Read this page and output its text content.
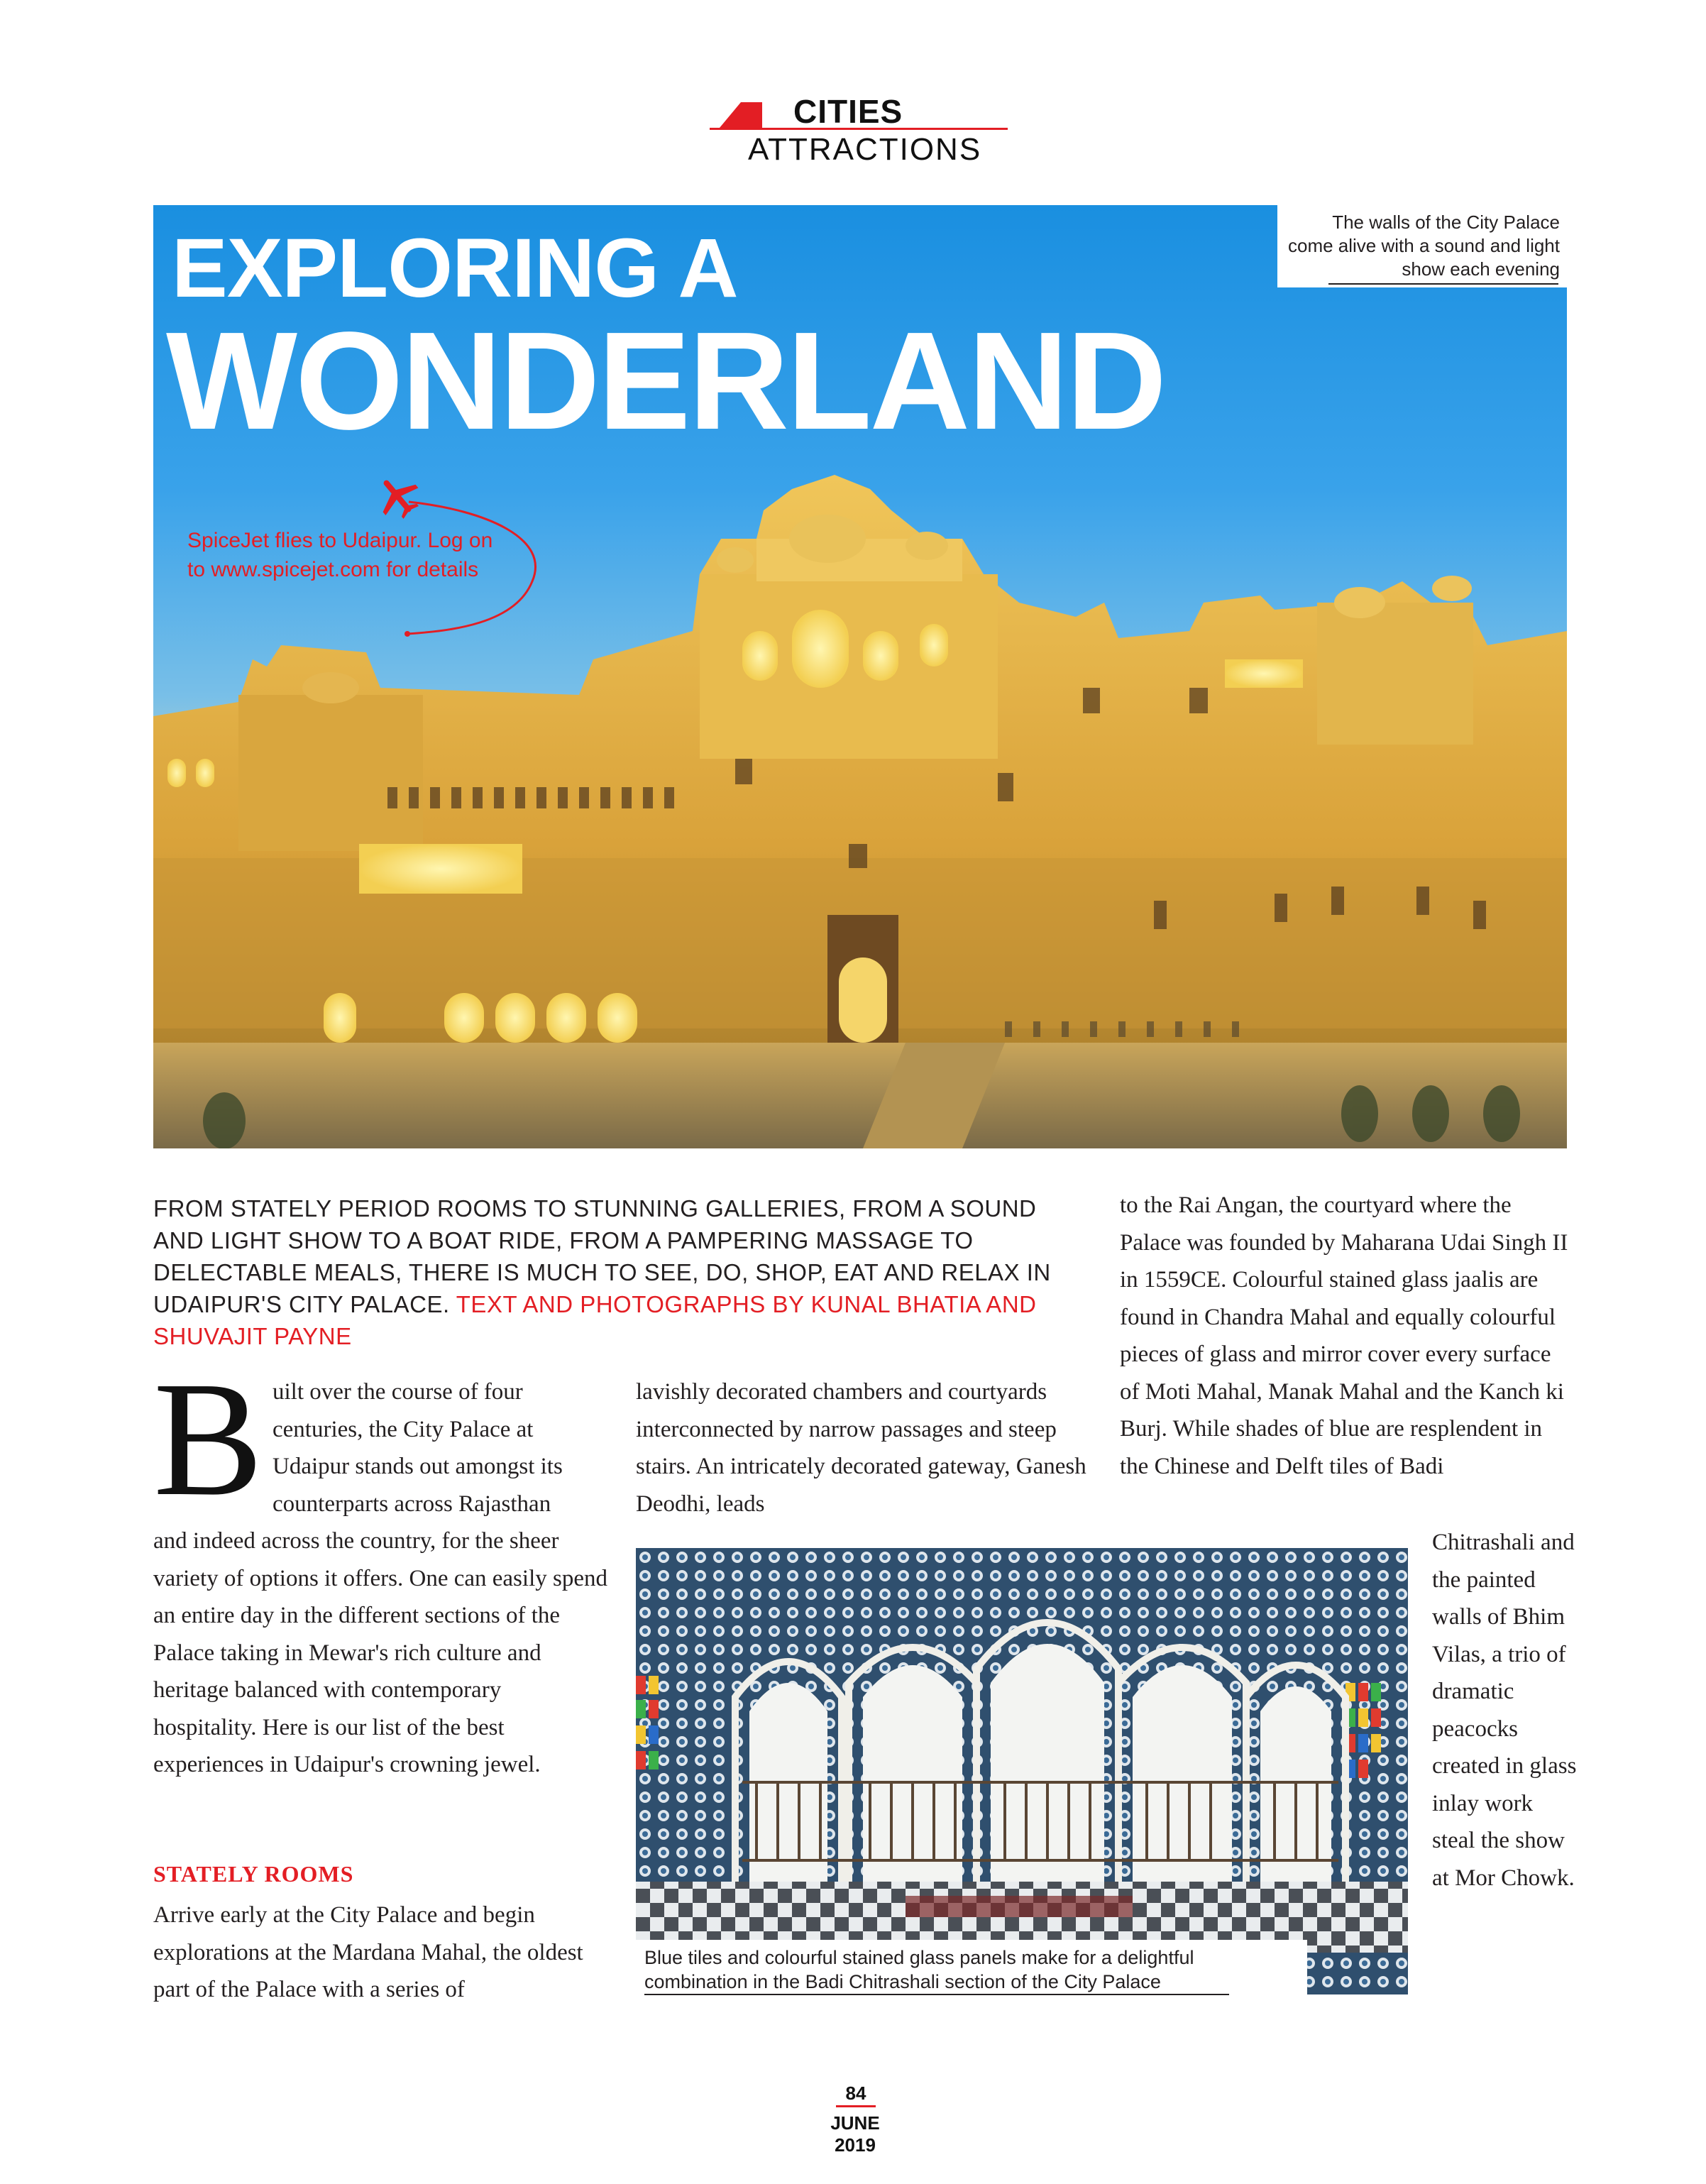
CITIES
ATTRACTIONS
EXPLORING A
WONDERLAND
The walls of the City Palace come alive with a sound and light show each evening
SpiceJet flies to Udaipur. Log on to www.spicejet.com for details
FROM STATELY PERIOD ROOMS TO STUNNING GALLERIES, FROM A SOUND AND LIGHT SHOW TO A BOAT RIDE, FROM A PAMPERING MASSAGE TO DELECTABLE MEALS, THERE IS MUCH TO SEE, DO, SHOP, EAT AND RELAX IN UDAIPUR'S CITY PALACE. TEXT AND PHOTOGRAPHS BY KUNAL BHATIA AND SHUVAJIT PAYNE
B uilt over the course of four centuries, the City Palace at Udaipur stands out amongst its counterparts across Rajasthan
and indeed across the country, for the sheer variety of options it offers. One can easily spend an entire day in the different sections of the Palace taking in Mewar's rich culture and heritage balanced with contemporary hospitality. Here is our list of the best experiences in Udaipur's crowning jewel.
STATELY ROOMS
Arrive early at the City Palace and begin explorations at the Mardana Mahal, the oldest part of the Palace with a series of
lavishly decorated chambers and courtyards interconnected by narrow passages and steep stairs. An intricately decorated gateway, Ganesh Deodhi, leads
to the Rai Angan, the courtyard where the Palace was founded by Maharana Udai Singh II in 1559CE. Colourful stained glass jaalis are found in Chandra Mahal and equally colourful pieces of glass and mirror cover every surface of Moti Mahal, Manak Mahal and the Kanch ki Burj. While shades of blue are resplendent in the Chinese and Delft tiles of Badi
Chitrashali and the painted walls of Bhim Vilas, a trio of dramatic peacocks created in glass inlay work steal the show at Mor Chowk.
Blue tiles and colourful stained glass panels make for a delightful combination in the Badi Chitrashali section of the City Palace
84
JUNE 2019
